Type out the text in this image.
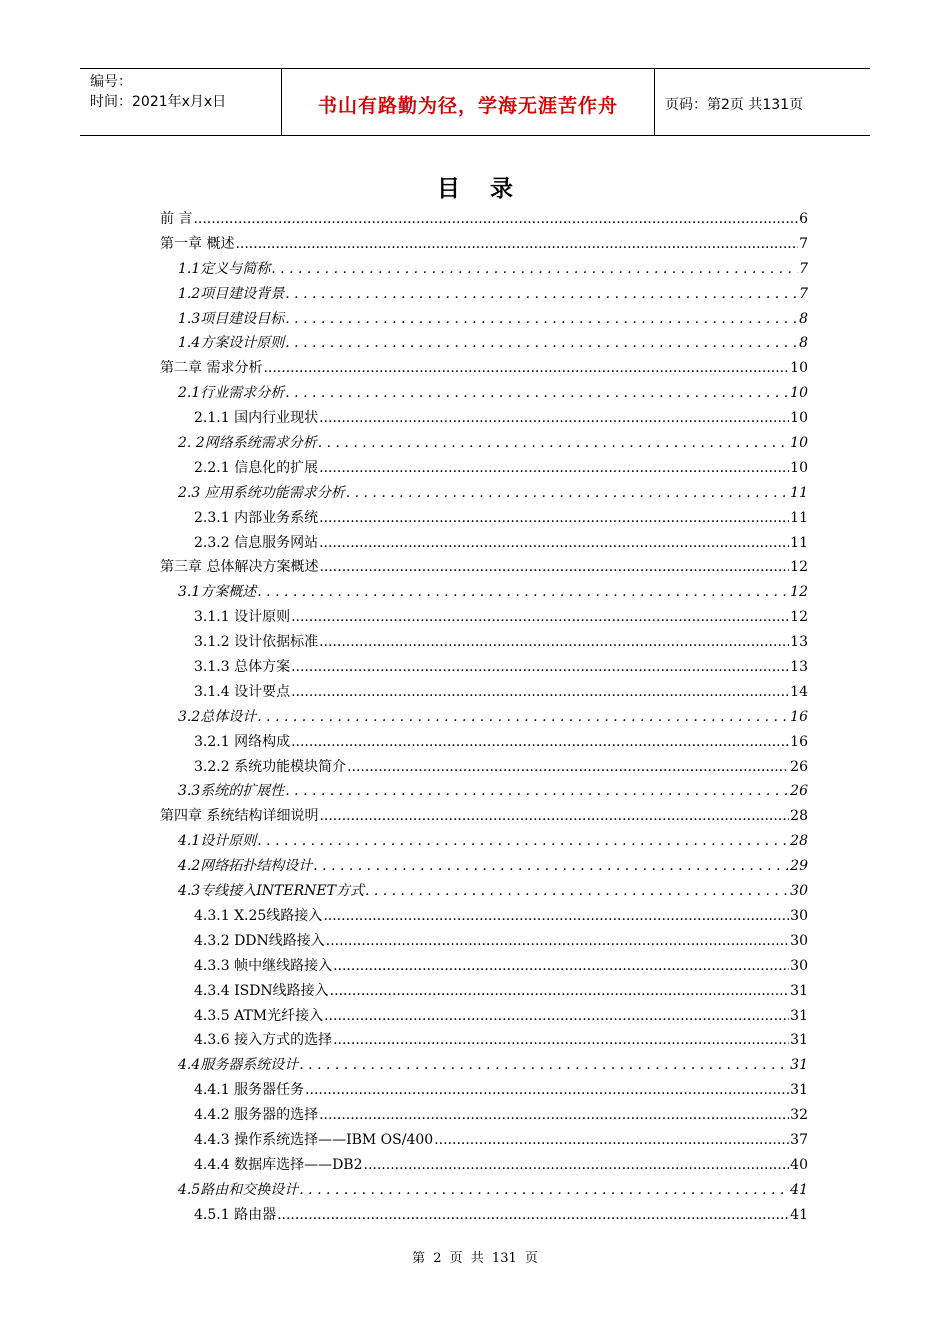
编号：
时间：2021年x月x日	书山有路勤为径，学海无涯苦作舟	页码：第2页 共131页
目录
前 言 .....	6
第一章 概述 .....	7
1.1定义与简称 . . .	7
1.2项目建设背景 . . .	7
1.3项目建设目标 . . .	8
1.4方案设计原则 . . .	8
第二章 需求分析 .....	10
2.1行业需求分析 . . .	10
2.1.1 国内行业现状 .....	10
2. 2网络系统需求分析 . . .	10
2.2.1 信息化的扩展 .....	10
2.3 应用系统功能需求分析 . . .	11
2.3.1 内部业务系统 .....	11
2.3.2 信息服务网站 .....	11
第三章 总体解决方案概述 .....	12
3.1方案概述 . . .	12
3.1.1 设计原则 .....	12
3.1.2 设计依据标准 .....	13
3.1.3 总体方案 .....	13
3.1.4 设计要点 .....	14
3.2总体设计 . . .	16
3.2.1 网络构成 .....	16
3.2.2 系统功能模块简介 .....	26
3.3系统的扩展性 . . .	26
第四章 系统结构详细说明 .....	28
4.1设计原则 . . .	28
4.2网络拓扑结构设计 . . .	29
4.3专线接入INTERNET方式 . . .	30
4.3.1 X.25线路接入 .....	30
4.3.2 DDN线路接入 .....	30
4.3.3 帧中继线路接入 .....	30
4.3.4 ISDN线路接入 .....	31
4.3.5 ATM光纤接入 .....	31
4.3.6 接入方式的选择 .....	31
4.4服务器系统设计 . . .	31
4.4.1 服务器任务 .....	31
4.4.2 服务器的选择 .....	32
4.4.3 操作系统选择——IBM OS/400 .....	37
4.4.4 数据库选择——DB2 .....	40
4.5路由和交换设计 . . .	41
4.5.1 路由器 .....	41
第 2 页 共 131 页
